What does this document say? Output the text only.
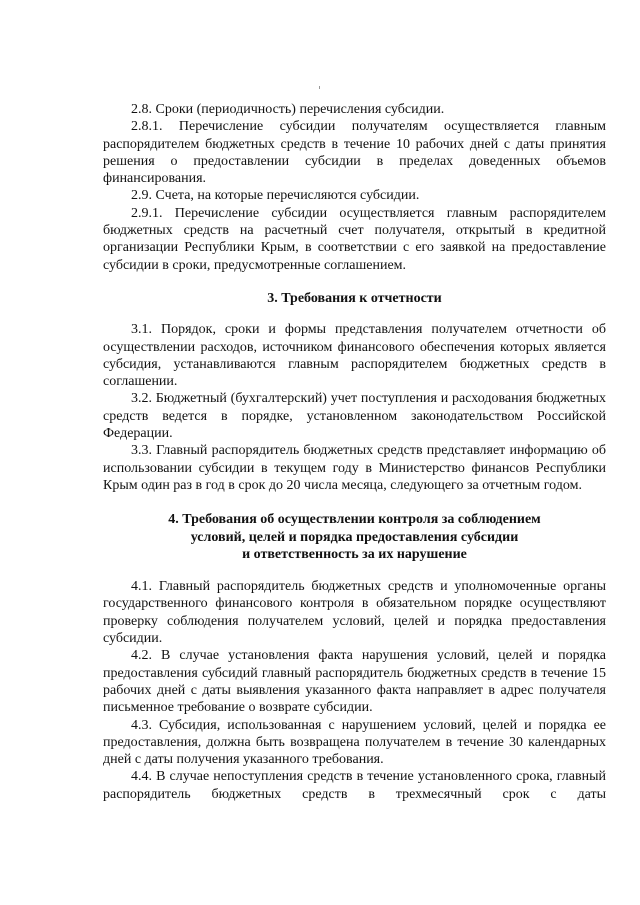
2.8. Сроки (периодичность) перечисления субсидии.

2.8.1. Перечисление субсидии получателям осуществляется главным распорядителем бюджетных средств в течение 10 рабочих дней с даты принятия решения о предоставлении субсидии в пределах доведенных объемов финансирования.

2.9. Счета, на которые перечисляются субсидии.

2.9.1. Перечисление субсидии осуществляется главным распорядителем бюджетных средств на расчетный счет получателя, открытый в кредитной организации Республики Крым, в соответствии с его заявкой на предоставление субсидии в сроки, предусмотренные соглашением.

3. Требования к отчетности

3.1. Порядок, сроки и формы представления получателем отчетности об осуществлении расходов, источником финансового обеспечения которых является субсидия, устанавливаются главным распорядителем бюджетных средств в соглашении.

3.2. Бюджетный (бухгалтерский) учет поступления и расходования бюджетных средств ведется в порядке, установленном законодательством Российской Федерации.

3.3. Главный распорядитель бюджетных средств представляет информацию об использовании субсидии в текущем году в Министерство финансов Республики Крым один раз в год в срок до 20 числа месяца, следующего за отчетным годом.

4. Требования об осуществлении контроля за соблюдением
условий, целей и порядка предоставления субсидии
и ответственность за их нарушение

4.1. Главный распорядитель бюджетных средств и уполномоченные органы государственного финансового контроля в обязательном порядке осуществляют проверку соблюдения получателем условий, целей и порядка предоставления субсидии.

4.2. В случае установления факта нарушения условий, целей и порядка предоставления субсидий главный распорядитель бюджетных средств в течение 15 рабочих дней с даты выявления указанного факта направляет в адрес получателя письменное требование о возврате субсидии.

4.3. Субсидия, использованная с нарушением условий, целей и порядка ее предоставления, должна быть возвращена получателем в течение 30 календарных дней с даты получения указанного требования.

4.4. В случае непоступления средств в течение установленного срока, главный распорядитель бюджетных средств в трехмесячный срок с даты
